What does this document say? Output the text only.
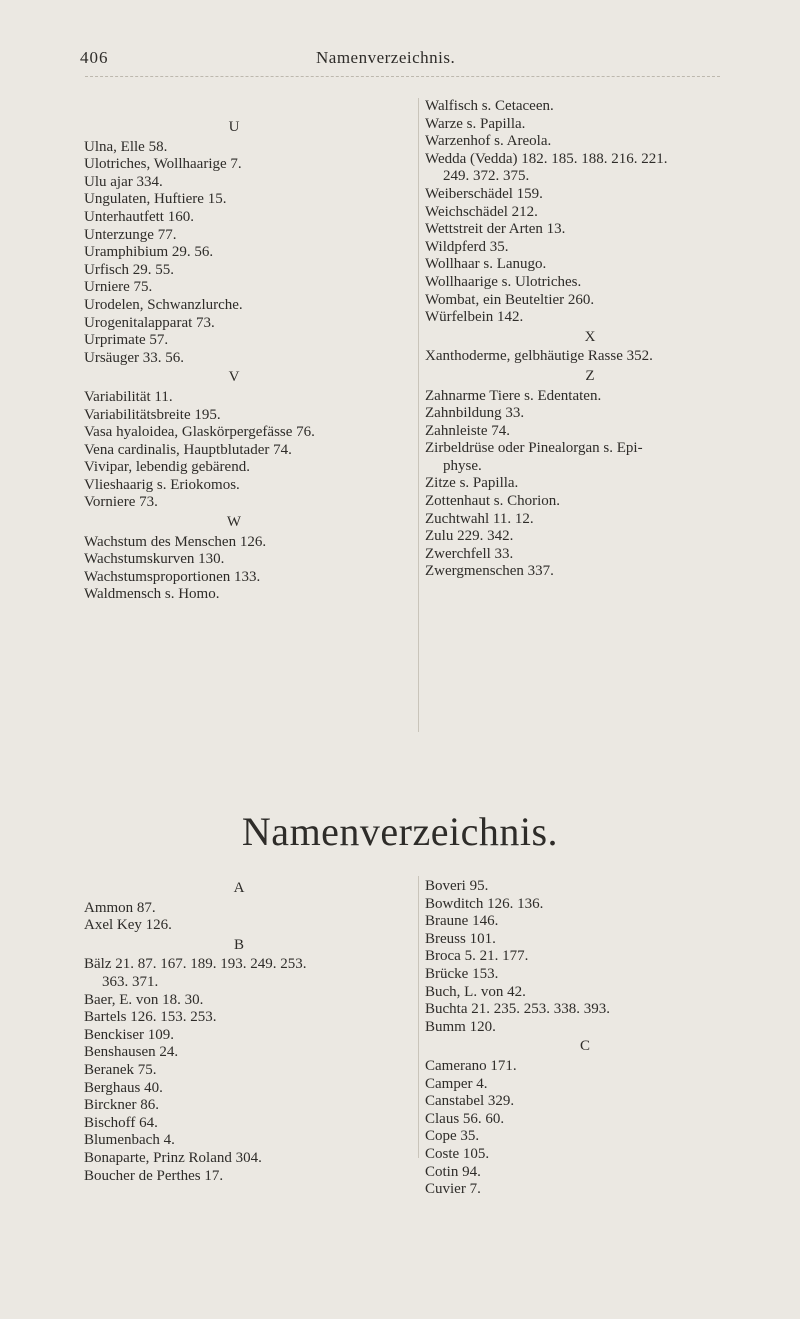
406	Namenverzeichnis.
U
Ulna, Elle 58.
Ulotriches, Wollhaarige 7.
Ulu ajar 334.
Ungulaten, Huftiere 15.
Unterhautfett 160.
Unterzunge 77.
Uramphibium 29. 56.
Urfisch 29. 55.
Urniere 75.
Urodelen, Schwanzlurche.
Urogenitalapparat 73.
Urprimate 57.
Ursäuger 33. 56.
V
Variabilität 11.
Variabilitätsbreite 195.
Vasa hyaloidea, Glaskörpergefässe 76.
Vena cardinalis, Hauptblutader 74.
Vivipar, lebendig gebärend.
Vlieshaarig s. Eriokomos.
Vorniere 73.
W
Wachstum des Menschen 126.
Wachstumskurven 130.
Wachstumsproportionen 133.
Waldmensch s. Homo.
Walfisch s. Cetaceen.
Warze s. Papilla.
Warzenhof s. Areola.
Wedda (Vedda) 182. 185. 188. 216. 221.
249. 372. 375.
Weiberschädel 159.
Weichschädel 212.
Wettstreit der Arten 13.
Wildpferd 35.
Wollhaar s. Lanugo.
Wollhaarige s. Ulotriches.
Wombat, ein Beuteltier 260.
Würfelbein 142.
X
Xanthoderme, gelbhäutige Rasse 352.
Z
Zahnarme Tiere s. Edentaten.
Zahnbildung 33.
Zahnleiste 74.
Zirbeldrüse oder Pinealorgan s. Epi-
physe.
Zitze s. Papilla.
Zottenhaut s. Chorion.
Zuchtwahl 11. 12.
Zulu 229. 342.
Zwerchfell 33.
Zwergmenschen 337.
Namenverzeichnis.
A
Ammon 87.
Axel Key 126.
B
Bälz 21. 87. 167. 189. 193. 249. 253.
363. 371.
Baer, E. von 18. 30.
Bartels 126. 153. 253.
Benckiser 109.
Benshausen 24.
Beranek 75.
Berghaus 40.
Birckner 86.
Bischoff 64.
Blumenbach 4.
Bonaparte, Prinz Roland 304.
Boucher de Perthes 17.
Boveri 95.
Bowditch 126. 136.
Braune 146.
Breuss 101.
Broca 5. 21. 177.
Brücke 153.
Buch, L. von 42.
Buchta 21. 235. 253. 338. 393.
Bumm 120.
C
Camerano 171.
Camper 4.
Canstabel 329.
Claus 56. 60.
Cope 35.
Coste 105.
Cotin 94.
Cuvier 7.
